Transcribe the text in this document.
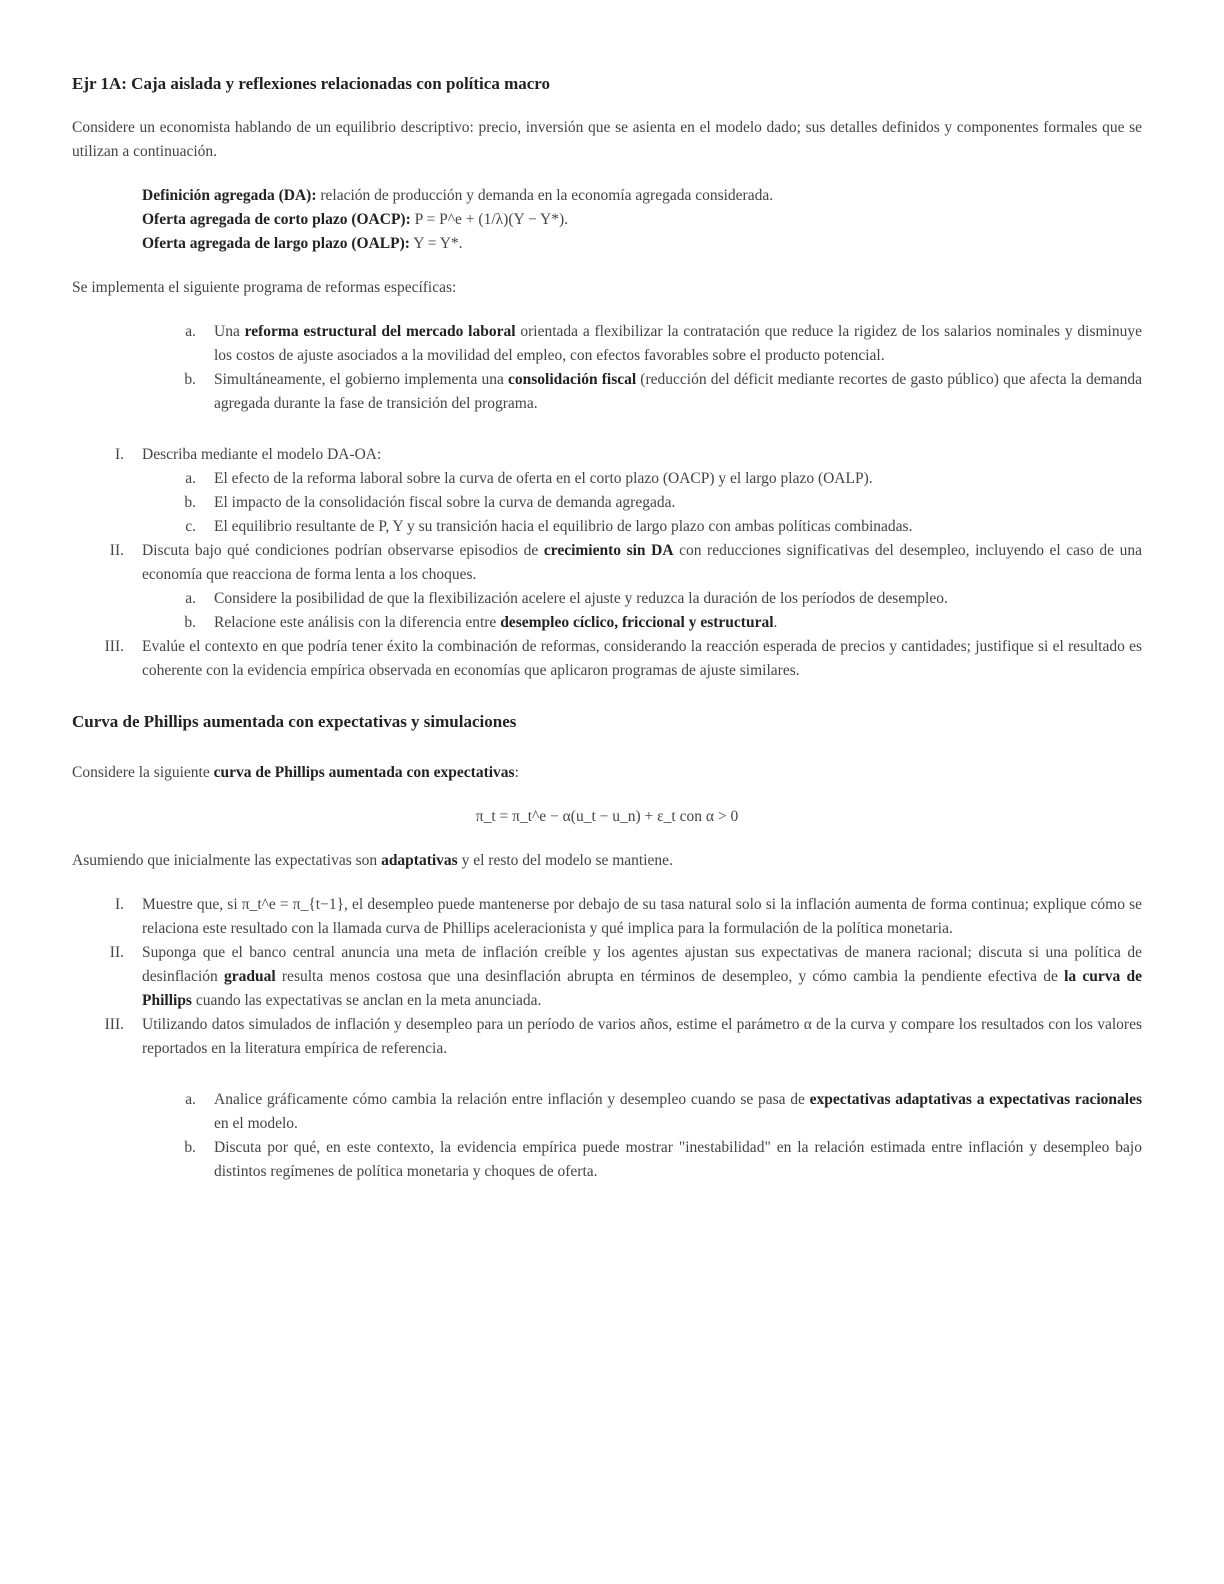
Ejr 1A: Caja aislada y reflexiones relacionadas con política macro

Considere un economista hablando de un equilibrio descriptivo: precio, inversión que se asienta en el modelo dado; sus detalles definidos y componentes formales que se utilizan a continuación.

Definición agregada (DA): relación de producción y demanda en la economía agregada considerada.
Oferta agregada de corto plazo (OACP): P = P^e + (1/λ)(Y − Y*).
Oferta agregada de largo plazo (OALP): Y = Y*.

Se implementa el siguiente programa de reformas específicas:

a. Una reforma estructural del mercado laboral orientada a flexibilizar la contratación que reduce la rigidez de los salarios nominales y disminuye los costos de ajuste asociados a la movilidad del empleo, con efectos favorables sobre el producto potencial.
b. Simultáneamente, el gobierno implementa una consolidación fiscal (reducción del déficit mediante recortes de gasto público) que afecta la demanda agregada durante la fase de transición del programa.
I. Describa mediante el modelo DA-OA:
a. El efecto de la reforma laboral sobre la curva de oferta en el corto plazo (OACP) y el largo plazo (OALP).
b. El impacto de la consolidación fiscal sobre la curva de demanda agregada.
c. El equilibrio resultante de P, Y y su transición hacia el equilibrio de largo plazo con ambas políticas combinadas.
II. Discuta bajo qué condiciones podrían observarse episodios de crecimiento sin DA con reducciones significativas del desempleo, incluyendo el caso de una economía que reacciona de forma lenta a los choques.
a. Considere la posibilidad de que la flexibilización acelere el ajuste y reduzca la duración de los períodos de desempleo.
b. Relacione este análisis con la diferencia entre desempleo cíclico, friccional y estructural.
III. Evalúe el contexto en que podría tener éxito la combinación de reformas, considerando la reacción esperada de precios y cantidades; justifique si el resultado es coherente con la evidencia empírica observada en economías que aplicaron programas de ajuste similares.

Curva de Phillips aumentada con expectativas y simulaciones

Considere la siguiente curva de Phillips aumentada con expectativas:

π_t = π_t^e − α(u_t − u_n) + ε_t con α > 0

Asumiendo que inicialmente las expectativas son adaptativas y el resto del modelo se mantiene.

I. Muestre que, si π_t^e = π_{t−1}, el desempleo puede mantenerse por debajo de su tasa natural solo si la inflación aumenta de forma continua; explique cómo se relaciona este resultado con la llamada curva de Phillips aceleracionista y qué implica para la formulación de la política monetaria.
II. Suponga que el banco central anuncia una meta de inflación creíble y los agentes ajustan sus expectativas de manera racional; discuta si una política de desinflación gradual resulta menos costosa que una desinflación abrupta en términos de desempleo, y cómo cambia la pendiente efectiva de la curva de Phillips cuando las expectativas se anclan en la meta anunciada.
III. Utilizando datos simulados de inflación y desempleo para un período de varios años, estime el parámetro α de la curva y compare los resultados con los valores reportados en la literatura empírica de referencia.
a. Analice gráficamente cómo cambia la relación entre inflación y desempleo cuando se pasa de expectativas adaptativas a expectativas racionales en el modelo.
b. Discuta por qué, en este contexto, la evidencia empírica puede mostrar "inestabilidad" en la relación estimada entre inflación y desempleo bajo distintos regímenes de política monetaria y choques de oferta.
